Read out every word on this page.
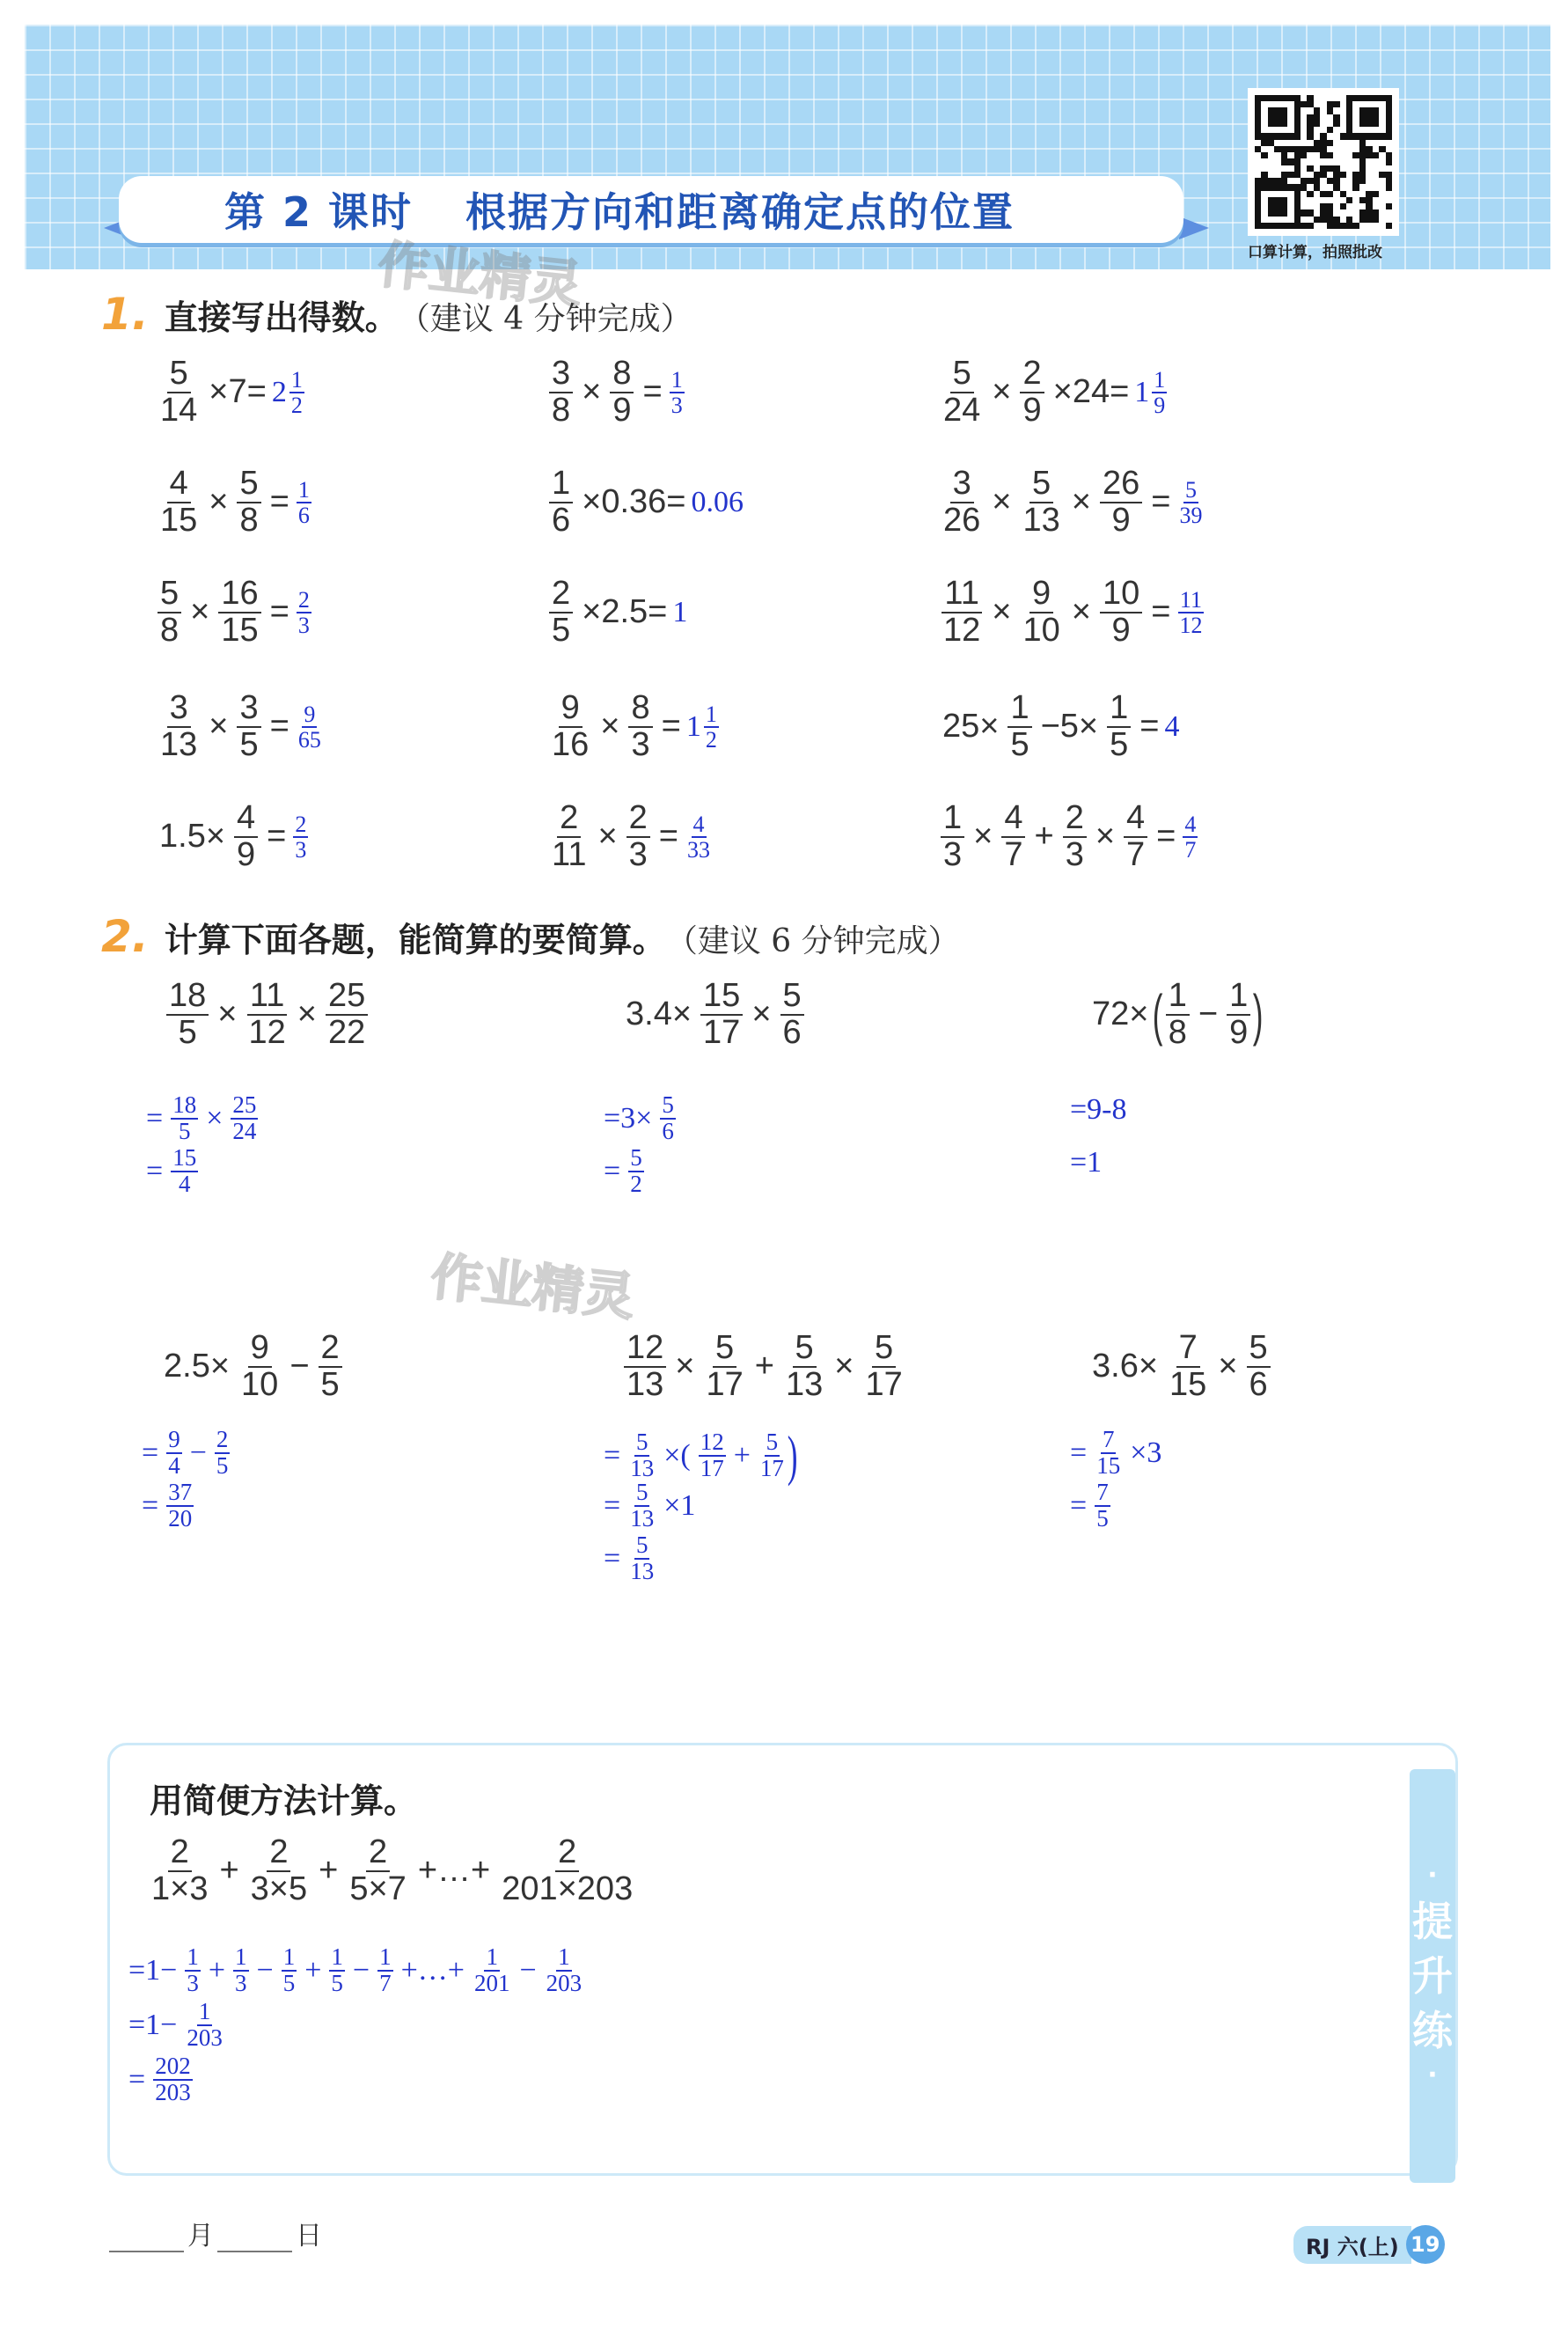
第 2 课时 根据方向和距离确定点的位置
口算计算，拍照批改
作业精灵
作业精灵
1. 直接写出得数。 （建议 4 分钟完成）
$\frac{5}{14} \times 7= 2 \frac{1}{2}$	$\frac{3}{8} \times \frac{8}{9} = \frac{1}{3}$	$\frac{5}{24} \times \frac{2}{9} \times 24= 1 \frac{1}{9}$
$\frac{4}{15} \times \frac{5}{8} = \frac{1}{6}$	$\frac{1}{6} \times 0.36= 0.06$	$\frac{3}{26} \times \frac{5}{13} \times \frac{26}{9} = \frac{5}{39}$
$\frac{5}{8} \times \frac{16}{15} = \frac{2}{3}$	$\frac{2}{5} \times 2.5= 1$	$\frac{11}{12} \times \frac{9}{10} \times \frac{10}{9} = \frac{11}{12}$
$\frac{3}{13} \times \frac{3}{5} = \frac{9}{65}$	$\frac{9}{16} \times \frac{8}{3} = 1 \frac{1}{2}$	$25\times \frac{1}{5} -5\times \frac{1}{5} = 4$
$1.5\times \frac{4}{9} = \frac{2}{3}$	$\frac{2}{11} \times \frac{2}{3} = \frac{4}{33}$	$\frac{1}{3} \times \frac{4}{7} + \frac{2}{3} \times \frac{4}{7} = \frac{4}{7}$
2. 计算下面各题，能简算的要简算。 （建议 6 分钟完成）
$\frac{18}{5} \times \frac{11}{12} \times \frac{25}{22}$
= $\frac{18}{5} \times \frac{25}{24}$
= $\frac{15}{4}$
$3.4\times \frac{15}{17} \times \frac{5}{6}$
$=3\times \frac{5}{6}$
= $\frac{5}{2}$
72× ( $\frac{1}{8} - \frac{1}{9}$ )
=9-8
=1
$2.5\times \frac{9}{10} - \frac{2}{5}$
= $\frac{9}{4} - \frac{2}{5}$
= $\frac{37}{20}$
$\frac{12}{13} \times \frac{5}{17} + \frac{5}{13} \times \frac{5}{17}$
= $\frac{5}{13}$ ×( $\frac{12}{17} + \frac{5}{17}$ )
= $\frac{5}{13} \times 1$
= $\frac{5}{13}$
$3.6\times \frac{7}{15} \times \frac{5}{6}$
= $\frac{7}{15} \times 3$
= $\frac{7}{5}$
·
提
升
练
·
用简便方法计算。
$\frac{2}{1\times 3} + \frac{2}{3\times 5} + \frac{2}{5\times 7}$ +…+ $\frac{2}{201\times 203}$
$=1- \frac{1}{3} + \frac{1}{3} - \frac{1}{5} + \frac{1}{5} - \frac{1}{7}$ +…+ $\frac{1}{201} - \frac{1}{203}$
$=1- \frac{1}{203}$
= $\frac{202}{203}$
月	日	RJ 六(上) 19
